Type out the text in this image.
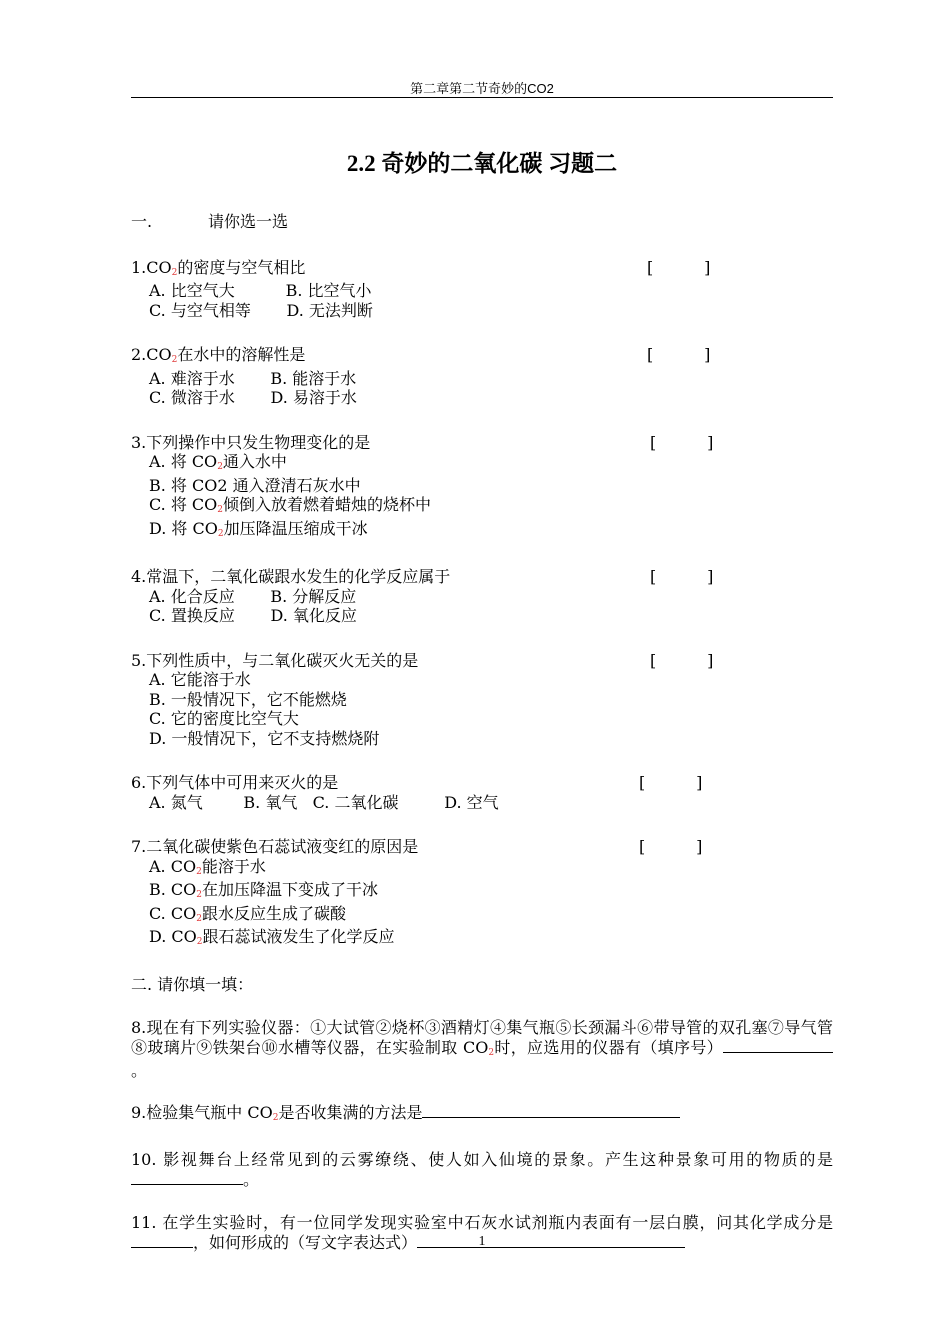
第二章第二节奇妙的CO2
2.2 奇妙的二氧化碳 习题二
一.	请你选一选
1.CO2的密度与空气相比	[          ]
A. 比空气大          B. 比空气小
C. 与空气相等       D. 无法判断
2.CO2在水中的溶解性是	[          ]
A. 难溶于水       B. 能溶于水
C. 微溶于水       D. 易溶于水
3.下列操作中只发生物理变化的是	[          ]
A. 将 CO2通入水中
B. 将 CO2 通入澄清石灰水中
C. 将 CO2倾倒入放着燃着蜡烛的烧杯中
D. 将 CO2加压降温压缩成干冰
4.常温下，二氧化碳跟水发生的化学反应属于	[          ]
A. 化合反应       B. 分解反应
C. 置换反应       D. 氧化反应
5.下列性质中，与二氧化碳灭火无关的是	[          ]
A. 它能溶于水
B. 一般情况下，它不能燃烧
C. 它的密度比空气大
D. 一般情况下，它不支持燃烧附
6.下列气体中可用来灭火的是	[          ]
A. 氮气        B. 氧气   C. 二氧化碳         D. 空气
7.二氧化碳使紫色石蕊试液变红的原因是	[          ]
A. CO2能溶于水
B. CO2在加压降温下变成了干冰
C. CO2跟水反应生成了碳酸
D. CO2跟石蕊试液发生了化学反应
二. 请你填一填：

8.现在有下列实验仪器：①大试管②烧杯③酒精灯④集气瓶⑤长颈漏斗⑥带导管的双孔塞⑦导气管⑧玻璃片⑨铁架台⑩水槽等仪器，在实验制取 CO2时，应选用的仪器有（填序号）。

9.检验集气瓶中 CO2是否收集满的方法是

10. 影视舞台上经常见到的云雾缭绕、使人如入仙境的景象。产生这种景象可用的物质的是 。

11. 在学生实验时，有一位同学发现实验室中石灰水试剂瓶内表面有一层白膜，问其化学成分是，如何形成的（写文字表达式）	1
